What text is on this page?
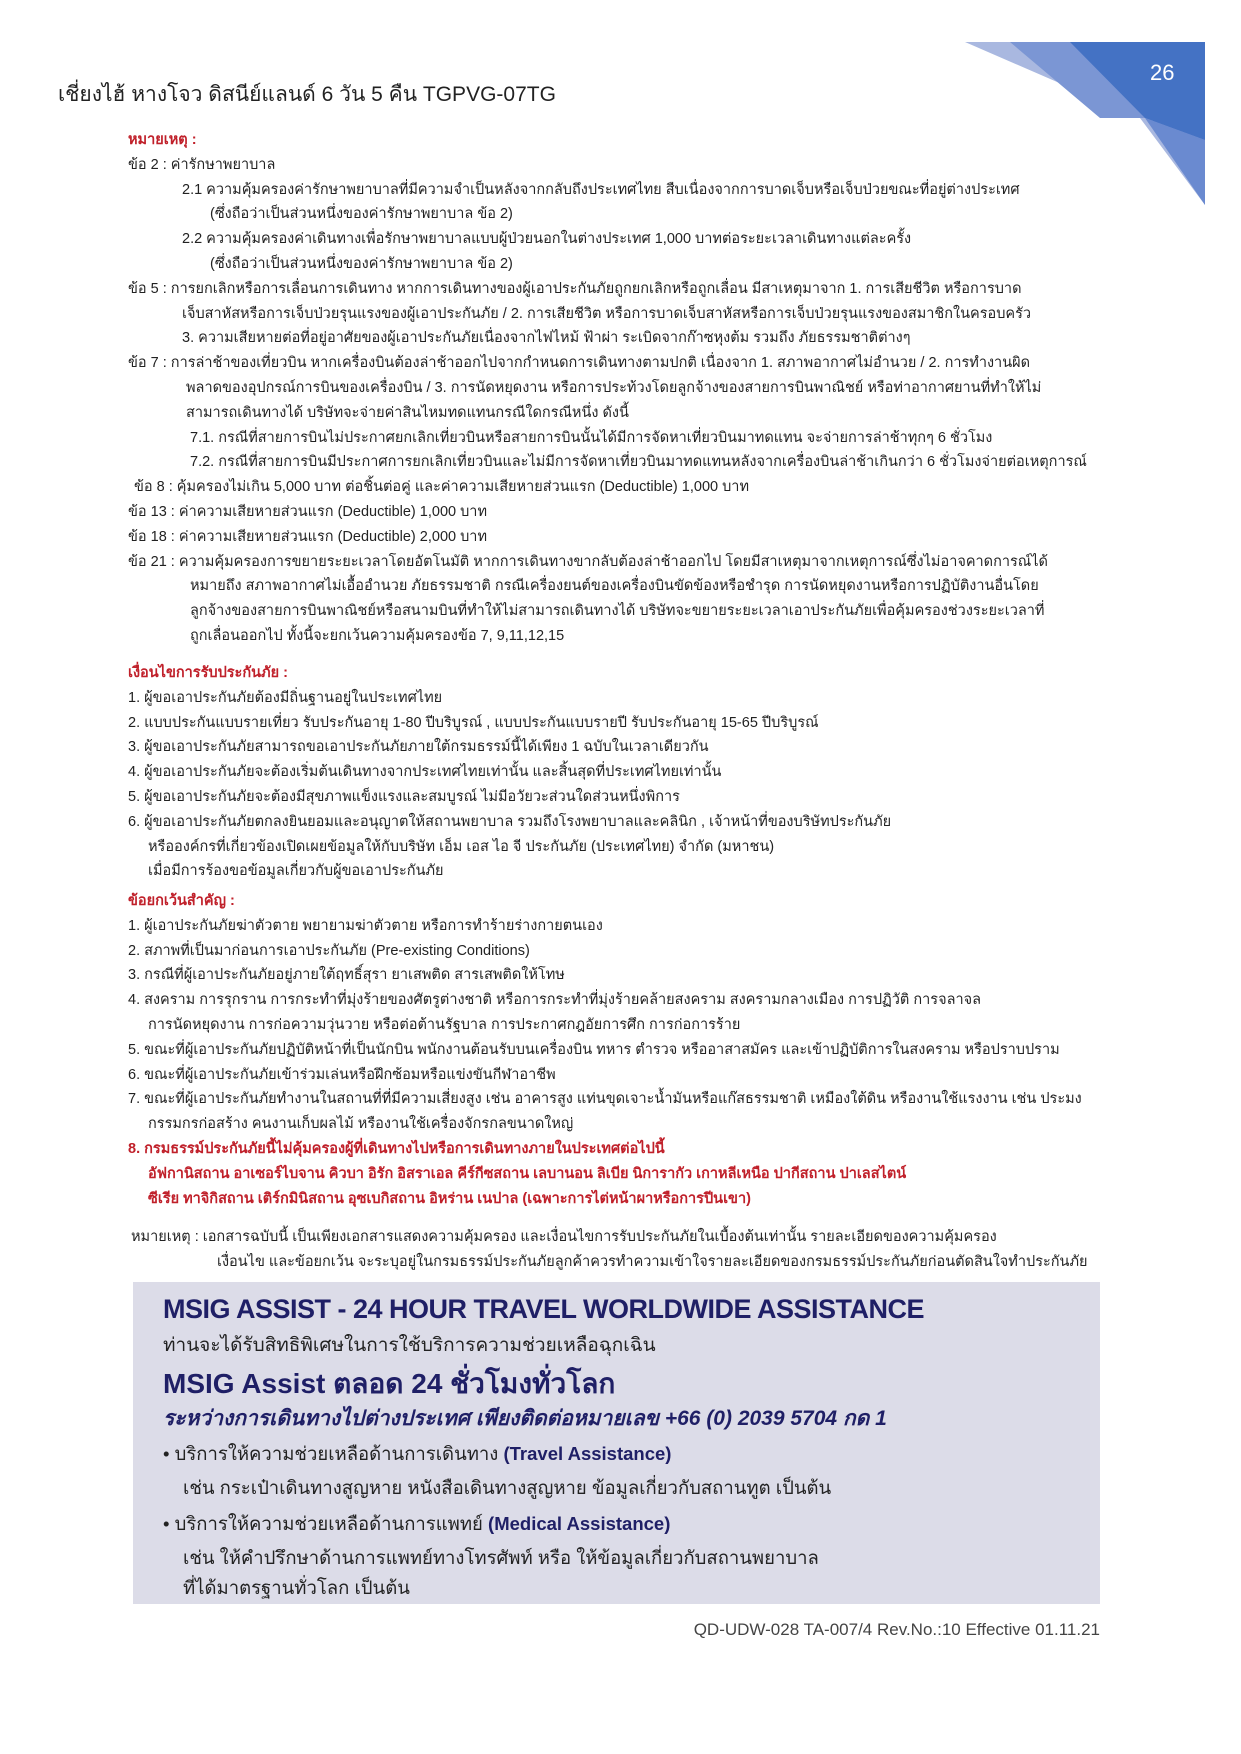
26
เชี่ยงไฮ้ หางโจว ดิสนีย์แลนด์ 6 วัน 5 คืน TGPVG-07TG
หมายเหตุ :
ข้อ 2 : ค่ารักษาพยาบาล
2.1 ความคุ้มครองค่ารักษาพยาบาลที่มีความจำเป็นหลังจากกลับถึงประเทศไทย สืบเนื่องจากการบาดเจ็บหรือเจ็บป่วยขณะที่อยู่ต่างประเทศ
(ซึ่งถือว่าเป็นส่วนหนึ่งของค่ารักษาพยาบาล ข้อ 2)
2.2 ความคุ้มครองค่าเดินทางเพื่อรักษาพยาบาลแบบผู้ป่วยนอกในต่างประเทศ 1,000 บาทต่อระยะเวลาเดินทางแต่ละครั้ง
(ซึ่งถือว่าเป็นส่วนหนึ่งของค่ารักษาพยาบาล ข้อ 2)
ข้อ 5 : การยกเลิกหรือการเลื่อนการเดินทาง หากการเดินทางของผู้เอาประกันภัยถูกยกเลิกหรือถูกเลื่อน มีสาเหตุมาจาก 1. การเสียชีวิต หรือการบาด
เจ็บสาหัสหรือการเจ็บป่วยรุนแรงของผู้เอาประกันภัย / 2. การเสียชีวิต หรือการบาดเจ็บสาหัสหรือการเจ็บป่วยรุนแรงของสมาชิกในครอบครัว
3. ความเสียหายต่อที่อยู่อาศัยของผู้เอาประกันภัยเนื่องจากไฟไหม้ ฟ้าผ่า ระเบิดจากก๊าซหุงต้ม รวมถึง ภัยธรรมชาติต่างๆ
ข้อ 7 : การล่าช้าของเที่ยวบิน หากเครื่องบินต้องล่าช้าออกไปจากกำหนดการเดินทางตามปกติ เนื่องจาก 1. สภาพอากาศไม่อำนวย / 2. การทำงานผิด
พลาดของอุปกรณ์การบินของเครื่องบิน / 3. การนัดหยุดงาน หรือการประท้วงโดยลูกจ้างของสายการบินพาณิชย์ หรือท่าอากาศยานที่ทำให้ไม่
สามารถเดินทางได้ บริษัทจะจ่ายค่าสินไหมทดแทนกรณีใดกรณีหนึ่ง ดังนี้
7.1. กรณีที่สายการบินไม่ประกาศยกเลิกเที่ยวบินหรือสายการบินนั้นได้มีการจัดหาเที่ยวบินมาทดแทน จะจ่ายการล่าช้าทุกๆ 6 ชั่วโมง
7.2. กรณีที่สายการบินมีประกาศการยกเลิกเที่ยวบินและไม่มีการจัดหาเที่ยวบินมาทดแทนหลังจากเครื่องบินล่าช้าเกินกว่า 6 ชั่วโมงจ่ายต่อเหตุการณ์
ข้อ 8 : คุ้มครองไม่เกิน 5,000 บาท ต่อชิ้นต่อคู่ และค่าความเสียหายส่วนแรก (Deductible) 1,000 บาท
ข้อ 13 : ค่าความเสียหายส่วนแรก (Deductible) 1,000 บาท
ข้อ 18 : ค่าความเสียหายส่วนแรก (Deductible) 2,000 บาท
ข้อ 21 : ความคุ้มครองการขยายระยะเวลาโดยอัตโนมัติ หากการเดินทางขากลับต้องล่าช้าออกไป โดยมีสาเหตุมาจากเหตุการณ์ซึ่งไม่อาจคาดการณ์ได้
หมายถึง สภาพอากาศไม่เอื้ออำนวย ภัยธรรมชาติ กรณีเครื่องยนต์ของเครื่องบินขัดข้องหรือชำรุด การนัดหยุดงานหรือการปฏิบัติงานอื่นโดย
ลูกจ้างของสายการบินพาณิชย์หรือสนามบินที่ทำให้ไม่สามารถเดินทางได้ บริษัทจะขยายระยะเวลาเอาประกันภัยเพื่อคุ้มครองช่วงระยะเวลาที่
ถูกเลื่อนออกไป ทั้งนี้จะยกเว้นความคุ้มครองข้อ 7, 9,11,12,15
เงื่อนไขการรับประกันภัย :
1. ผู้ขอเอาประกันภัยต้องมีถิ่นฐานอยู่ในประเทศไทย
2. แบบประกันแบบรายเที่ยว รับประกันอายุ 1-80 ปีบริบูรณ์ , แบบประกันแบบรายปี รับประกันอายุ 15-65 ปีบริบูรณ์
3. ผู้ขอเอาประกันภัยสามารถขอเอาประกันภัยภายใต้กรมธรรม์นี้ได้เพียง 1 ฉบับในเวลาเดียวกัน
4. ผู้ขอเอาประกันภัยจะต้องเริ่มต้นเดินทางจากประเทศไทยเท่านั้น และสิ้นสุดที่ประเทศไทยเท่านั้น
5. ผู้ขอเอาประกันภัยจะต้องมีสุขภาพแข็งแรงและสมบูรณ์ ไม่มีอวัยวะส่วนใดส่วนหนึ่งพิการ
6. ผู้ขอเอาประกันภัยตกลงยินยอมและอนุญาตให้สถานพยาบาล รวมถึงโรงพยาบาลและคลินิก , เจ้าหน้าที่ของบริษัทประกันภัย
หรือองค์กรที่เกี่ยวข้องเปิดเผยข้อมูลให้กับบริษัท เอ็ม เอส ไอ จี ประกันภัย (ประเทศไทย) จำกัด (มหาชน)
เมื่อมีการร้องขอข้อมูลเกี่ยวกับผู้ขอเอาประกันภัย
ข้อยกเว้นสำคัญ :
1. ผู้เอาประกันภัยฆ่าตัวตาย พยายามฆ่าตัวตาย หรือการทำร้ายร่างกายตนเอง
2. สภาพที่เป็นมาก่อนการเอาประกันภัย (Pre-existing Conditions)
3. กรณีที่ผู้เอาประกันภัยอยู่ภายใต้ฤทธิ์สุรา ยาเสพติด สารเสพติดให้โทษ
4. สงคราม การรุกราน การกระทำที่มุ่งร้ายของศัตรูต่างชาติ หรือการกระทำที่มุ่งร้ายคล้ายสงคราม สงครามกลางเมือง การปฏิวัติ การจลาจล
การนัดหยุดงาน การก่อความวุ่นวาย หรือต่อต้านรัฐบาล การประกาศกฎอัยการศึก การก่อการร้าย
5. ขณะที่ผู้เอาประกันภัยปฏิบัติหน้าที่เป็นนักบิน พนักงานต้อนรับบนเครื่องบิน ทหาร ตำรวจ หรืออาสาสมัคร และเข้าปฏิบัติการในสงคราม หรือปราบปราม
6. ขณะที่ผู้เอาประกันภัยเข้าร่วมเล่นหรือฝึกซ้อมหรือแข่งขันกีฬาอาชีพ
7. ขณะที่ผู้เอาประกันภัยทำงานในสถานที่ที่มีความเสี่ยงสูง เช่น อาคารสูง แท่นขุดเจาะน้ำมันหรือแก๊สธรรมชาติ เหมืองใต้ดิน หรืองานใช้แรงงาน เช่น ประมง
กรรมกรก่อสร้าง คนงานเก็บผลไม้ หรืองานใช้เครื่องจักรกลขนาดใหญ่
8. กรมธรรม์ประกันภัยนี้ไม่คุ้มครองผู้ที่เดินทางไปหรือการเดินทางภายในประเทศต่อไปนี้
อัฟกานิสถาน อาเซอร์ไบจาน คิวบา อิรัก อิสราเอล คีร์กีซสถาน เลบานอน ลิเบีย นิการากัว เกาหลีเหนือ ปากีสถาน ปาเลสไตน์
ซีเรีย ทาจิกิสถาน เติร์กมินิสถาน อุซเบกิสถาน อิหร่าน เนปาล (เฉพาะการไต่หน้าผาหรือการปีนเขา)
หมายเหตุ : เอกสารฉบับนี้ เป็นเพียงเอกสารแสดงความคุ้มครอง และเงื่อนไขการรับประกันภัยในเบื้องต้นเท่านั้น รายละเอียดของความคุ้มครอง
เงื่อนไข และข้อยกเว้น จะระบุอยู่ในกรมธรรม์ประกันภัยลูกค้าควรทำความเข้าใจรายละเอียดของกรมธรรม์ประกันภัยก่อนตัดสินใจทำประกันภัย
MSIG ASSIST - 24 HOUR TRAVEL WORLDWIDE ASSISTANCE
ท่านจะได้รับสิทธิพิเศษในการใช้บริการความช่วยเหลือฉุกเฉิน
MSIG Assist ตลอด 24 ชั่วโมงทั่วโลก
ระหว่างการเดินทางไปต่างประเทศ เพียงติดต่อหมายเลข +66 (0) 2039 5704 กด 1
• บริการให้ความช่วยเหลือด้านการเดินทาง (Travel Assistance)
เช่น กระเป๋าเดินทางสูญหาย หนังสือเดินทางสูญหาย ข้อมูลเกี่ยวกับสถานทูต เป็นต้น
• บริการให้ความช่วยเหลือด้านการแพทย์ (Medical Assistance)
เช่น ให้คำปรึกษาด้านการแพทย์ทางโทรศัพท์ หรือ ให้ข้อมูลเกี่ยวกับสถานพยาบาล
ที่ได้มาตรฐานทั่วโลก เป็นต้น
QD-UDW-028 TA-007/4 Rev.No.:10 Effective 01.11.21
